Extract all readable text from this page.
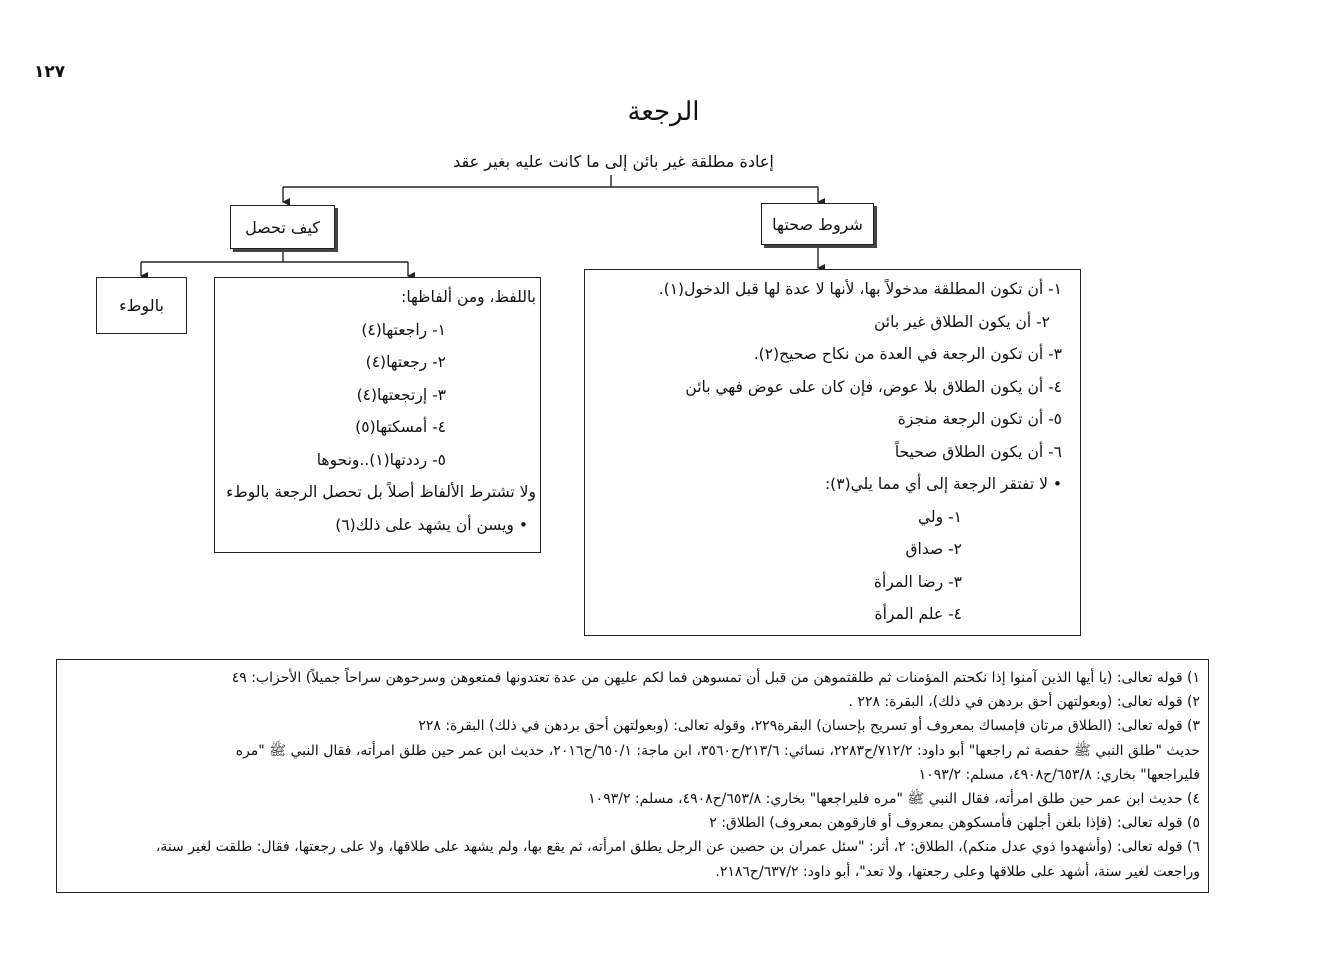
١٢٧
الرجعة
إعادة مطلقة غير بائن إلى ما كانت عليه بغير عقد
شروط صحتها
كيف تحصل
بالوطء
١- أن تكون المطلقة مدخولاً بها، لأنها لا عدة لها قبل الدخول(١).
٢- أن يكون الطلاق غير بائن
٣- أن تكون الرجعة في العدة من نكاح صحيح(٢).
٤- أن يكون الطلاق بلا عوض، فإن كان على عوض فهي بائن
٥- أن تكون الرجعة منجزة
٦- أن يكون الطلاق صحيحاً
• لا تفتقر الرجعة إلى أي مما يلي(٣):
١- ولي
٢- صداق
٣- رضا المرأة
٤- علم المرأة
باللفظ، ومن ألفاظها:
١- راجعتها(٤)
٢- رجعتها(٤)
٣- إرتجعتها(٤)
٤- أمسكتها(٥)
٥- رددتها(١)..ونحوها
ولا تشترط الألفاظ أصلاً بل تحصل الرجعة بالوطء
• ويسن أن يشهد على ذلك(٦)
١) قوله تعالى: (يا أيها الذين آمنوا إذا نكحتم المؤمنات ثم طلقتموهن من قبل أن تمسوهن فما لكم عليهن من عدة تعتدونها فمتعوهن وسرحوهن سراحاً جميلاً) الأحزاب: ٤٩
٢) قوله تعالى: (وبعولتهن أحق بردهن في ذلك)، البقرة: ٢٢٨ .
٣) قوله تعالى: (الطلاق مرتان فإمساك بمعروف أو تسريح بإحسان) البقرة٢٢٩، وقوله تعالى: (وبعولتهن أحق بردهن في ذلك) البقرة: ٢٢٨
حديث "طلق النبي ﷺ حفصة ثم راجعها" أبو داود: ٧١٢/٢/ح٢٢٨٣، نسائي: ٢١٣/٦/ح٣٥٦٠، ابن ماجة: ٦٥٠/١/ح٢٠١٦، حديث ابن عمر حين طلق امرأته، فقال النبي ﷺ "مره
فليراجعها" بخاري: ٦٥٣/٨/ح٤٩٠٨، مسلم: ١٠٩٣/٢
٤) حديث ابن عمر حين طلق امرأته، فقال النبي ﷺ "مره فليراجعها" بخاري: ٦٥٣/٨/ح٤٩٠٨، مسلم: ١٠٩٣/٢
٥) قوله تعالى: (فإذا بلغن أجلهن فأمسكوهن بمعروف أو فارقوهن بمعروف) الطلاق: ٢
٦) قوله تعالى: (وأشهدوا ذوي عدل منكم)، الطلاق: ٢، أثر: "سئل عمران بن حصين عن الرجل يطلق امرأته، ثم يقع بها، ولم يشهد على طلاقها، ولا على رجعتها، فقال: طلقت لغير سنة،
وراجعت لغير سنة، أشهد على طلاقها وعلى رجعتها، ولا تعد"، أبو داود: ٦٣٧/٢/ح٢١٨٦.
